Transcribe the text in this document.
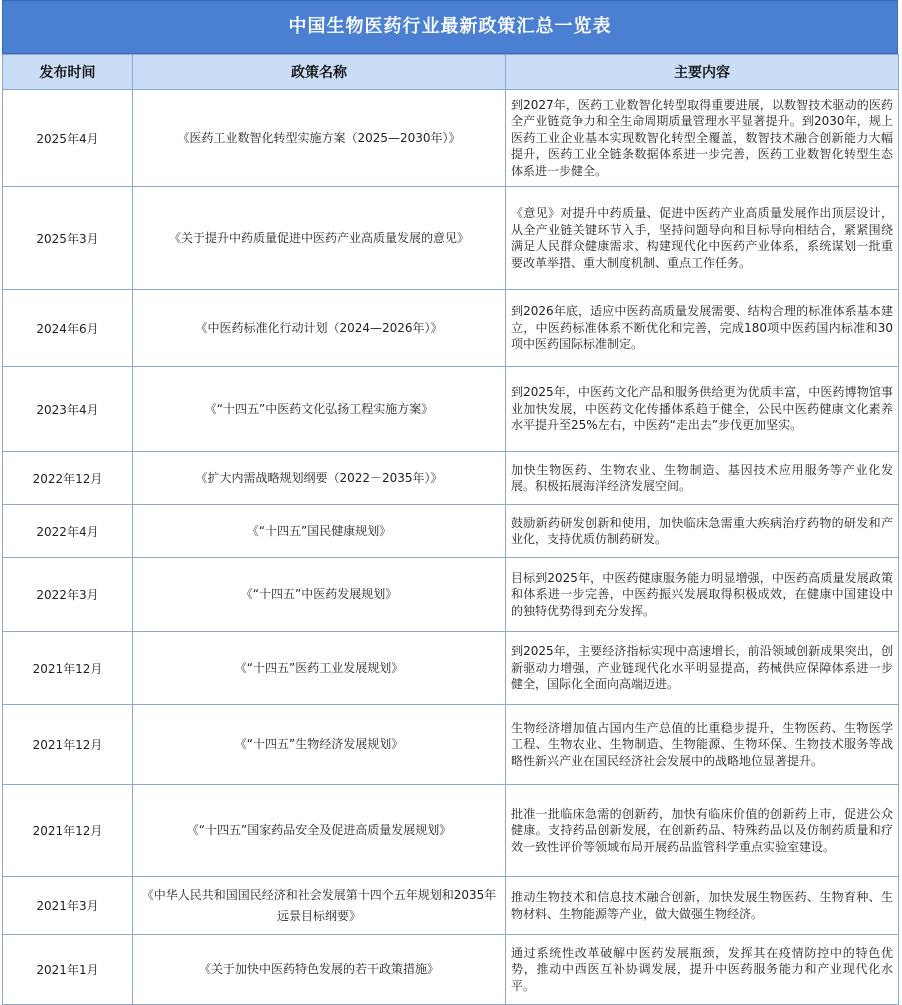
中国生物医药行业最新政策汇总一览表
发布时间	政策名称	主要内容
2025年4月	《医药工业数智化转型实施方案（2025—2030年）》	到2027年，医药工业数智化转型取得重要进展，以数智技术驱动的医药全产业链竞争力和全生命周期质量管理水平显著提升。到2030年，规上医药工业企业基本实现数智化转型全覆盖，数智技术融合创新能力大幅提升，医药工业全链条数据体系进一步完善，医药工业数智化转型生态体系进一步健全。
2025年3月	《关于提升中药质量促进中医药产业高质量发展的意见》	《意见》对提升中药质量、促进中医药产业高质量发展作出顶层设计，从全产业链关键环节入手，坚持问题导向和目标导向相结合，紧紧围绕满足人民群众健康需求、构建现代化中医药产业体系，系统谋划一批重要改革举措、重大制度机制、重点工作任务。
2024年6月	《中医药标准化行动计划（2024—2026年）》	到2026年底，适应中医药高质量发展需要、结构合理的标准体系基本建立，中医药标准体系不断优化和完善，完成180项中医药国内标准和30项中医药国际标准制定。
2023年4月	《“十四五”中医药文化弘扬工程实施方案》	到2025年，中医药文化产品和服务供给更为优质丰富，中医药博物馆事业加快发展，中医药文化传播体系趋于健全，公民中医药健康文化素养水平提升至25%左右，中医药“走出去”步伐更加坚实。
2022年12月	《扩大内需战略规划纲要（2022－2035年）》	加快生物医药、生物农业、生物制造、基因技术应用服务等产业化发展。积极拓展海洋经济发展空间。
2022年4月	《“十四五”国民健康规划》	鼓励新药研发创新和使用，加快临床急需重大疾病治疗药物的研发和产业化，支持优质仿制药研发。
2022年3月	《“十四五”中医药发展规划》	目标到2025年，中医药健康服务能力明显增强，中医药高质量发展政策和体系进一步完善，中医药振兴发展取得积极成效，在健康中国建设中的独特优势得到充分发挥。
2021年12月	《“十四五”医药工业发展规划》	到2025年，主要经济指标实现中高速增长，前沿领域创新成果突出，创新驱动力增强，产业链现代化水平明显提高，药械供应保障体系进一步健全，国际化全面向高端迈进。
2021年12月	《“十四五”生物经济发展规划》	生物经济增加值占国内生产总值的比重稳步提升，生物医药、生物医学工程、生物农业、生物制造、生物能源、生物环保、生物技术服务等战略性新兴产业在国民经济社会发展中的战略地位显著提升。
2021年12月	《“十四五”国家药品安全及促进高质量发展规划》	批准一批临床急需的创新药，加快有临床价值的创新药上市，促进公众健康。支持药品创新发展，在创新药品、特殊药品以及仿制药质量和疗效一致性评价等领域布局开展药品监管科学重点实验室建设。
2021年3月	《中华人民共和国国民经济和社会发展第十四个五年规划和2035年远景目标纲要》	推动生物技术和信息技术融合创新，加快发展生物医药、生物育种、生物材料、生物能源等产业，做大做强生物经济。
2021年1月	《关于加快中医药特色发展的若干政策措施》	通过系统性改革破解中医药发展瓶颈，发挥其在疫情防控中的特色优势，推动中西医互补协调发展，提升中医药服务能力和产业现代化水平。
